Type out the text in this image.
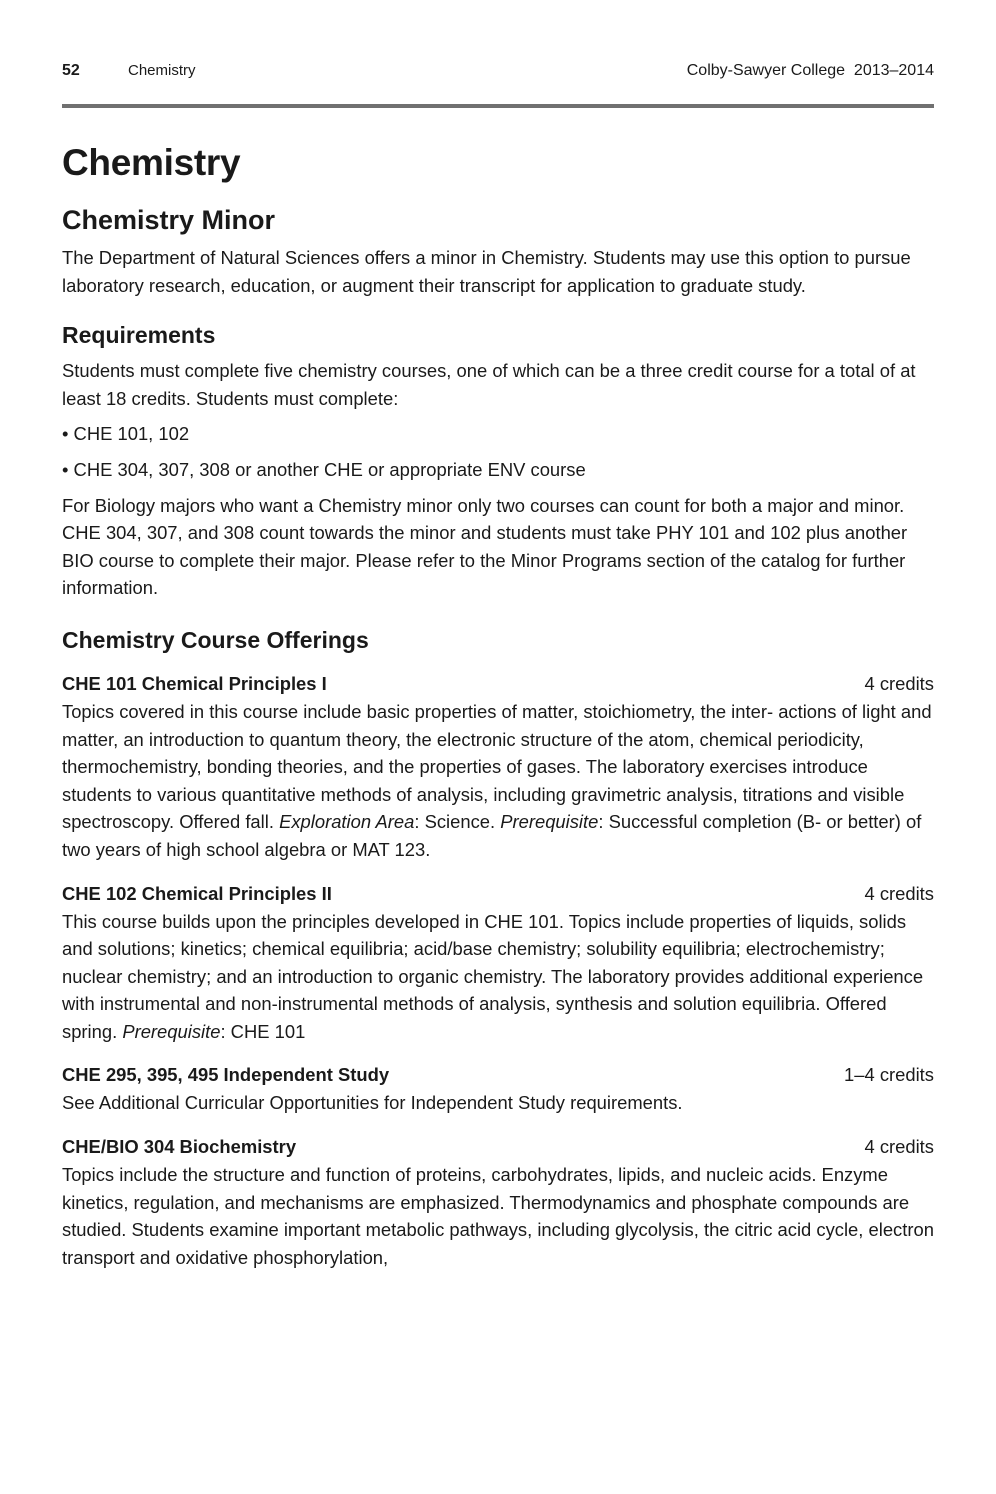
52	Chemistry	Colby-Sawyer College  2013–2014
Chemistry
Chemistry Minor

The Department of Natural Sciences offers a minor in Chemistry. Students may use this option to pursue laboratory research, education, or augment their transcript for application to graduate study.

Requirements

Students must complete five chemistry courses, one of which can be a three credit course for a total of at least 18 credits. Students must complete:

• CHE 101, 102

• CHE 304, 307, 308 or another CHE or appropriate ENV course

For Biology majors who want a Chemistry minor only two courses can count for both a major and minor. CHE 304, 307, and 308 count towards the minor and students must take PHY 101 and 102 plus another BIO course to complete their major. Please refer to the Minor Programs section of the catalog for further information.

Chemistry Course Offerings
CHE 101 Chemical Principles I	4 credits

Topics covered in this course include basic properties of matter, stoichiometry, the inter- actions of light and matter, an introduction to quantum theory, the electronic structure of the atom, chemical periodicity, thermochemistry, bonding theories, and the properties of gases. The laboratory exercises introduce students to various quantitative methods of analysis, including gravimetric analysis, titrations and visible spectroscopy. Offered fall. Exploration Area: Science. Prerequisite: Successful completion (B- or better) of two years of high school algebra or MAT 123.

CHE 102 Chemical Principles II	4 credits

This course builds upon the principles developed in CHE 101. Topics include properties of liquids, solids and solutions; kinetics; chemical equilibria; acid/base chemistry; solubility equilibria; electrochemistry; nuclear chemistry; and an introduction to organic chemistry. The laboratory provides additional experience with instrumental and non-instrumental methods of analysis, synthesis and solution equilibria. Offered spring. Prerequisite: CHE 101

CHE 295, 395, 495 Independent Study	1–4 credits

See Additional Curricular Opportunities for Independent Study requirements.

CHE/BIO 304 Biochemistry	4 credits

Topics include the structure and function of proteins, carbohydrates, lipids, and nucleic acids. Enzyme kinetics, regulation, and mechanisms are emphasized. Thermodynamics and phosphate compounds are studied. Students examine important metabolic pathways, including glycolysis, the citric acid cycle, electron transport and oxidative phosphorylation,
